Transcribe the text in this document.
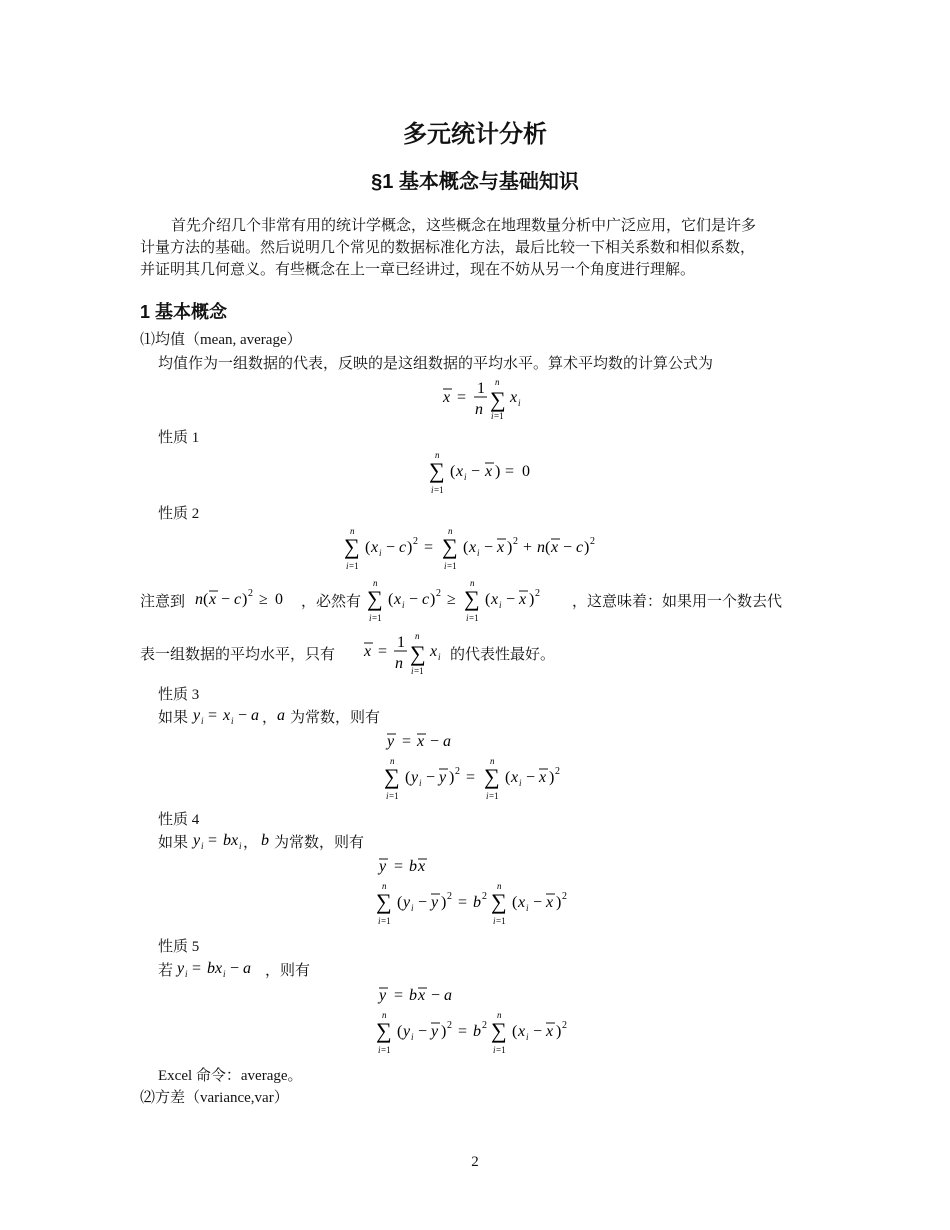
多元统计分析
§1 基本概念与基础知识
首先介绍几个非常有用的统计学概念，这些概念在地理数量分析中广泛应用，它们是许多
计量方法的基础。然后说明几个常见的数据标准化方法，最后比较一下相关系数和相似系数，
并证明其几何意义。有些概念在上一章已经讲过，现在不妨从另一个角度进行理解。
1 基本概念
⑴均值（mean, average）
均值作为一组数据的代表，反映的是这组数据的平均水平。算术平均数的计算公式为
x =
1
n ∑
n
i =1
x i
性质 1
∑
n
i =1
( x i − x ) = 0
性质 2
∑
n
i =1
( x i − c ) 2 = ∑
n
i =1
( x i − x ) 2 + n ( x − c ) 2
注意到 n ( x − c ) 2 ≥ 0 ，必然有 ∑
n
i =1
( x i − c ) 2 ≥ ∑
n
i =1
( x i − x ) 2
，这意味着：如果用一个数去代
表一组数据的平均水平，只有 x =
1
n ∑
n
i =1
x i 的代表性最好。
性质 3
如果 y i = x i − a ， a 为常数，则有
y = x − a
∑
n
i =1
( y i − y ) 2 = ∑
n
i =1
( x i − x ) 2
性质 4
如果 y i = bx i ， b 为常数，则有
y = b x
∑
n
i =1
( y i − y ) 2 = b 2 ∑
n
i =1
( x i − x ) 2
性质 5
若 y i = bx i − a ，则有
y = b x − a
∑
n
i =1
( y i − y ) 2 = b 2 ∑
n
i =1
( x i − x ) 2
Excel 命令：average。
⑵方差（variance,var）
2
